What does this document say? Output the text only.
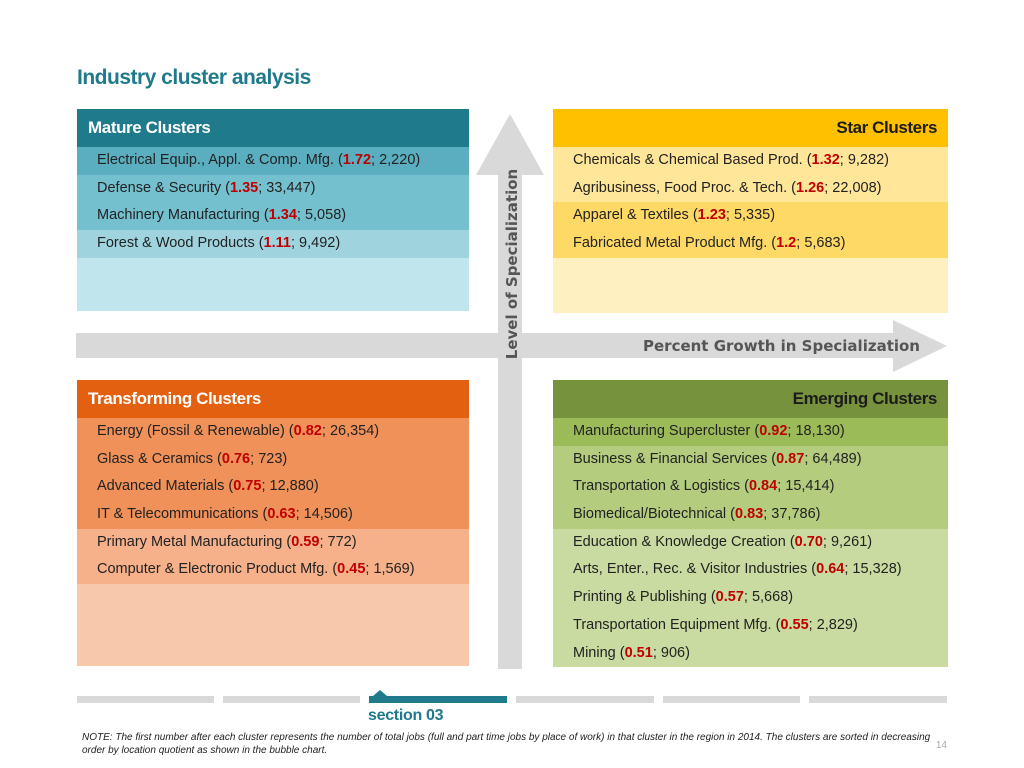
Industry cluster analysis
Level of Specialization	Percent Growth in Specialization
Mature Clusters
Electrical Equip., Appl. & Comp. Mfg. (1.72; 2,220)
Defense & Security (1.35; 33,447)
Machinery Manufacturing (1.34; 5,058)
Forest & Wood Products (1.11; 9,492)
Star Clusters
Chemicals & Chemical Based Prod. (1.32; 9,282)
Agribusiness, Food Proc. & Tech. (1.26; 22,008)
Apparel & Textiles (1.23; 5,335)
Fabricated Metal Product Mfg. (1.2; 5,683)
Transforming Clusters
Energy (Fossil & Renewable) (0.82; 26,354)
Glass & Ceramics (0.76; 723)
Advanced Materials (0.75; 12,880)
IT & Telecommunications (0.63; 14,506)
Primary Metal Manufacturing (0.59; 772)
Computer & Electronic Product Mfg. (0.45; 1,569)
Emerging Clusters
Manufacturing Supercluster (0.92; 18,130)
Business & Financial Services (0.87; 64,489)
Transportation & Logistics (0.84; 15,414)
Biomedical/Biotechnical (0.83; 37,786)
Education & Knowledge Creation (0.70; 9,261)
Arts, Enter., Rec. & Visitor Industries (0.64; 15,328)
Printing & Publishing (0.57; 5,668)
Transportation Equipment Mfg. (0.55; 2,829)
Mining (0.51; 906)
section 03
NOTE: The first number after each cluster represents the number of total jobs (full and part time jobs by place of work) in that cluster in the region in 2014. The clusters are sorted in decreasing order by location quotient as shown in the bubble chart.	14
